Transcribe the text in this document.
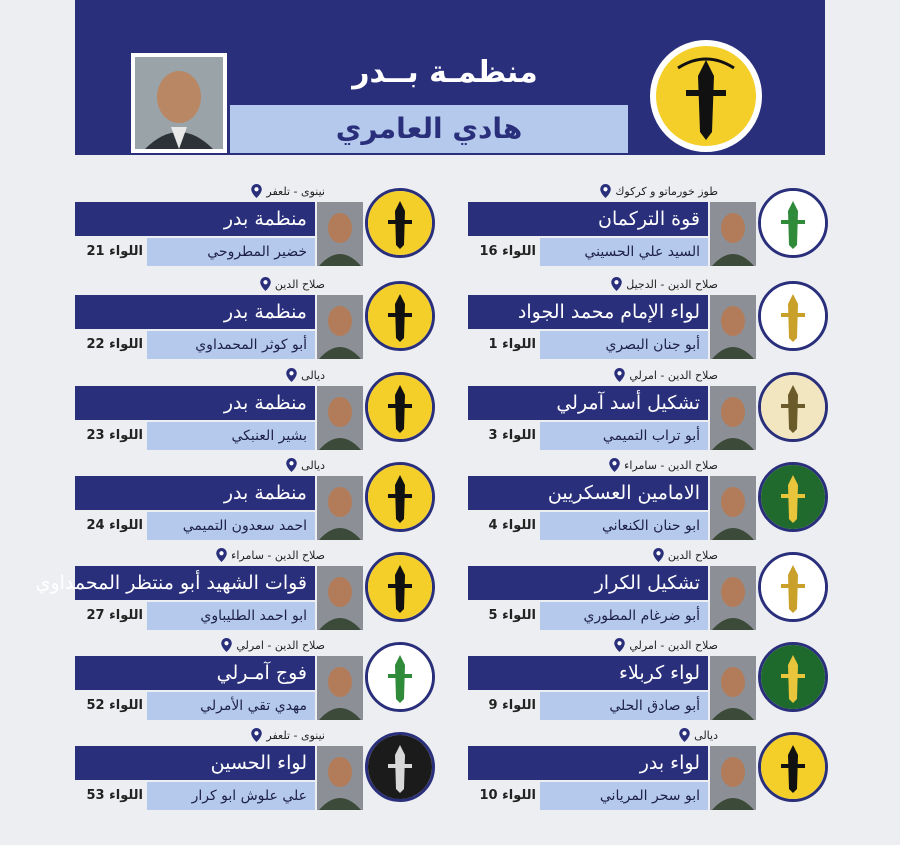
منظمـة بــدر
هادي العامري
طوز خورماتو و كركوك
قوة التركمان
السيد علي الحسيني
اللواء 16
نينوى - تلعفر
منظمة بدر
خضير المطروحي
اللواء 21
صلاح الدين - الدجيل
لواء الإمام محمد الجواد
أبو جنان البصري
اللواء 1
صلاح الدين
منظمة بدر
أبو كوثر المحمداوي
اللواء 22
صلاح الدين - امرلي
تشكيل أسد آمرلي
أبو تراب التميمي
اللواء 3
ديالى
منظمة بدر
بشير العنبكي
اللواء 23
صلاح الدين - سامراء
الامامين العسكريين
ابو حنان الكنعاني
اللواء 4
ديالى
منظمة بدر
احمد سعدون التميمي
اللواء 24
صلاح الدين
تشكيل الكرار
أبو ضرغام المطوري
اللواء 5
صلاح الدين - سامراء
قوات الشهيد أبو منتظر المحمداوي
ابو احمد الطليباوي
اللواء 27
صلاح الدين - امرلي
لواء كربلاء
أبو صادق الحلي
اللواء 9
صلاح الدين - امرلي
فوج آمـرلي
مهدي تقي الأمرلي
اللواء 52
ديالى
لواء بدر
ابو سحر المرياني
اللواء 10
نينوى - تلعفر
لواء الحسين
علي علوش ابو كرار
اللواء 53
